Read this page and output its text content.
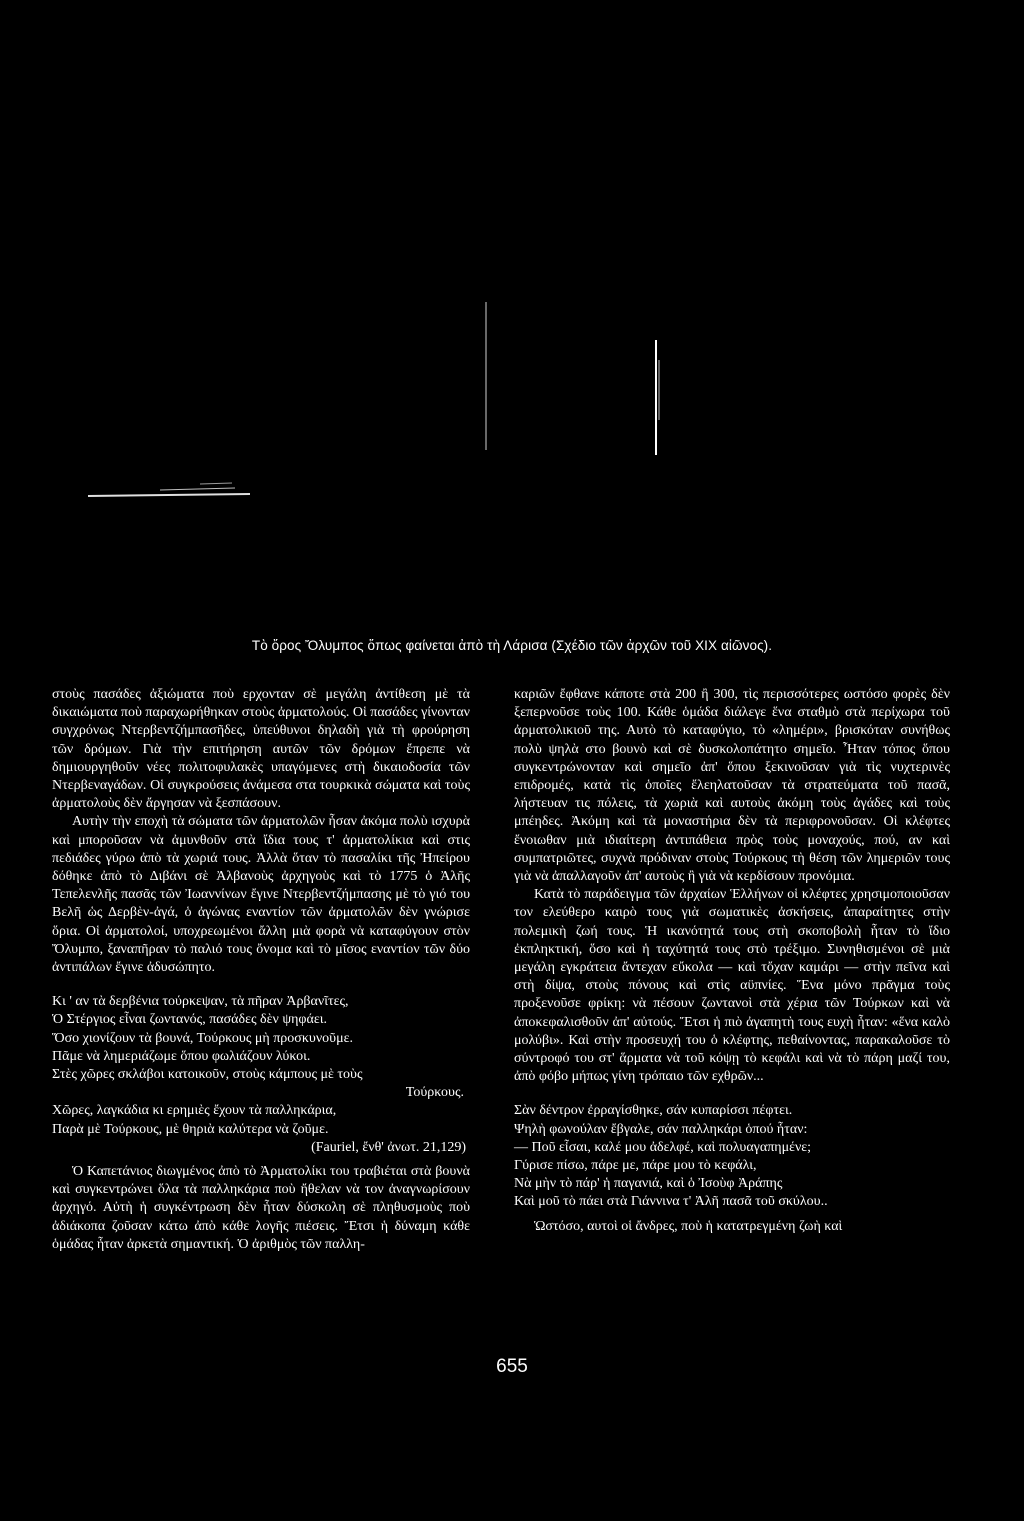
Τὸ ὄρος Ὄλυμπος ὅπως φαίνεται ἀπὸ τὴ Λάρισα (Σχέδιο τῶν ἀρχῶν τοῦ XIX αἰῶνος).

στοὺς πασάδες ἀξιώματα ποὺ ερχονταν σὲ μεγάλη ἀντίθεση μὲ τὰ δικαιώματα ποὺ παραχωρήθηκαν στοὺς ἀρματολούς. Οἱ πασάδες γίνονταν συγχρόνως Ντερβεντζήμπασῆδες, ὑπεύθυνοι δηλαδὴ γιὰ τὴ φρούρηση τῶν δρόμων. Γιὰ τὴν επιτήρηση αυτῶν τῶν δρόμων ἔπρεπε νὰ δημιουργηθοῦν νέες πολιτοφυλακὲς υπαγόμενες στὴ δικαιοδοσία τῶν Ντερβεναγάδων. Οἱ συγκρούσεις ἀνάμεσα στα τουρκικὰ σώματα καὶ τοὺς ἀρματολοὺς δὲν ἄργησαν νὰ ξεσπάσουν.

Αυτὴν τὴν εποχὴ τὰ σώματα τῶν ἀρματολῶν ἦσαν ἀκόμα πολὺ ισχυρὰ καὶ μποροῦσαν νὰ ἀμυνθοῦν στὰ ἴδια τους τ' ἀρματολίκια καὶ στις πεδιάδες γύρω ἀπὸ τὰ χωριά τους. Ἀλλὰ ὅταν τὸ πασαλίκι τῆς Ἠπείρου δόθηκε ἀπὸ τὸ Διβάνι σὲ Ἀλβανοὺς ἀρχηγοὺς καὶ τὸ 1775 ὁ Ἀλῆς Τεπελενλῆς πασᾶς τῶν Ἰωαννίνων ἔγινε Ντερβεντζήμπασης μὲ τὸ γιό του Βελῆ ὡς Δερβὲν-ἀγά, ὁ ἀγώνας εναντίον τῶν ἀρματολῶν δὲν γνώρισε ὅρια. Οἱ ἀρματολοί, υποχρεωμένοι ἄλλη μιὰ φορὰ νὰ καταφύγουν στὸν Ὄλυμπο, ξαναπῆραν τὸ παλιό τους ὄνομα καὶ τὸ μῖσος εναντίον τῶν δύο ἀντιπάλων ἔγινε ἀδυσώπητο.

Κι ' αν τὰ δερβένια τούρκεψαν, τὰ πῆραν Ἀρβανῖτες,
Ὁ Στέργιος εἶναι ζωντανός, πασάδες δὲν ψηφάει.
Ὅσο χιονίζουν τὰ βουνά, Τούρκους μὴ προσκυνοῦμε.
Πᾶμε νὰ λημεριάζωμε ὅπου φωλιάζουν λύκοι.
Στὲς χῶρες σκλάβοι κατοικοῦν, στοὺς κάμπους μὲ τοὺς
Τούρκους.
Χῶρες, λαγκάδια κι ερημιὲς ἔχουν τὰ παλληκάρια,
Παρὰ μὲ Τούρκους, μὲ θηριὰ καλύτερα νὰ ζοῦμε.
(Fauriel, ἔνθ' ἀνωτ. 21,129)

Ὁ Καπετάνιος διωγμένος ἀπὸ τὸ Ἀρματολίκι του τραβιέται στὰ βουνὰ καὶ συγκεντρώνει ὅλα τὰ παλληκάρια ποὺ ἤθελαν νὰ τον ἀναγνωρίσουν ἀρχηγό. Αὐτὴ ἡ συγκέντρωση δὲν ἦταν δύσκολη σὲ πληθυσμοὺς ποὺ ἀδιάκοπα ζοῦσαν κάτω ἀπὸ κάθε λογῆς πιέσεις. Ἔτσι ἡ δύναμη κάθε ὁμάδας ἦταν ἀρκετὰ σημαντική. Ὁ ἀριθμὸς τῶν παλλη-

καριῶν ἔφθανε κάποτε στὰ 200 ἢ 300, τὶς περισσότερες ωστόσο φορὲς δὲν ξεπερνοῦσε τοὺς 100. Κάθε ὁμάδα διάλεγε ἕνα σταθμὸ στὰ περίχωρα τοῦ ἀρματολικιοῦ της. Αυτὸ τὸ καταφύγιο, τὸ «λημέρι», βρισκόταν συνήθως πολὺ ψηλὰ στο βουνὸ καὶ σὲ δυσκολοπάτητο σημεῖο. Ἦταν τόπος ὅπου συγκεντρώνονταν καὶ σημεῖο ἀπ' ὅπου ξεκινοῦσαν γιὰ τὶς νυχτερινὲς επιδρομές, κατὰ τὶς ὁποῖες ἔλεηλατοῦσαν τὰ στρατεύματα τοῦ πασᾶ, λήστευαν τις πόλεις, τὰ χωριὰ καὶ αυτοὺς ἀκόμη τοὺς ἀγάδες καὶ τοὺς μπέηδες. Ἀκόμη καὶ τὰ μοναστήρια δὲν τὰ περιφρονοῦσαν. Οἱ κλέφτες ἔνοιωθαν μιὰ ιδιαίτερη ἀντιπάθεια πρὸς τοὺς μοναχούς, πού, αν καὶ συμπατριῶτες, συχνὰ πρόδιναν στοὺς Τούρκους τὴ θέση τῶν λημεριῶν τους γιὰ νὰ ἀπαλλαγοῦν ἀπ' αυτοὺς ἢ γιὰ νὰ κερδίσουν προνόμια.

Κατὰ τὸ παράδειγμα τῶν ἀρχαίων Ἑλλήνων οἱ κλέφτες χρησιμοποιοῦσαν τον ελεύθερο καιρὸ τους γιὰ σωματικὲς ἀσκήσεις, ἀπαραίτητες στὴν πολεμικὴ ζωή τους. Ἡ ικανότητά τους στὴ σκοποβολὴ ἦταν τὸ ἴδιο ἐκπληκτική, ὅσο καὶ ἡ ταχύτητά τους στὸ τρέξιμο. Συνηθισμένοι σὲ μιὰ μεγάλη εγκράτεια ἄντεχαν εὔκολα — καὶ τὄχαν καμάρι — στὴν πεῖνα καὶ στὴ δίψα, στοὺς πόνους καὶ στὶς αϋπνίες. Ἕνα μόνο πρᾶγμα τοὺς προξενοῦσε φρίκη: νὰ πέσουν ζωντανοὶ στὰ χέρια τῶν Τούρκων καὶ νὰ ἀποκεφαλισθοῦν ἀπ' αὐτούς. Ἔτσι ἡ πιὸ ἀγαπητὴ τους ευχὴ ἦταν: «ἕνα καλὸ μολύβι». Καὶ στὴν προσευχή του ὁ κλέφτης, πεθαίνοντας, παρακαλοῦσε τὸ σύντροφό του στ' ἅρματα νὰ τοῦ κόψῃ τὸ κεφάλι καὶ νὰ τὸ πάρη μαζί του, ἀπὸ φόβο μήπως γίνη τρόπαιο τῶν εχθρῶν...

Σὰν δέντρον ἐρραγίσθηκε, σάν κυπαρίσσι πέφτει.
Ψηλὴ φωνούλαν ἔβγαλε, σάν παλληκάρι ὁπού ἦταν:
— Ποῦ εἶσαι, καλέ μου ἀδελφέ, καὶ πολυαγαπημένε;
Γύρισε πίσω, πάρε με, πάρε μου τὸ κεφάλι,
Νὰ μὴν τὸ πάρ' ἡ παγανιά, καὶ ὁ Ἰσοὺφ Ἀράπης
Καὶ μοῦ τὸ πάει στὰ Γιάννινα τ' Ἀλῆ πασᾶ τοῦ σκύλου..

Ὡστόσο, αυτοὶ οἱ ἄνδρες, ποὺ ἡ κατατρεγμένη ζωὴ καὶ

655
